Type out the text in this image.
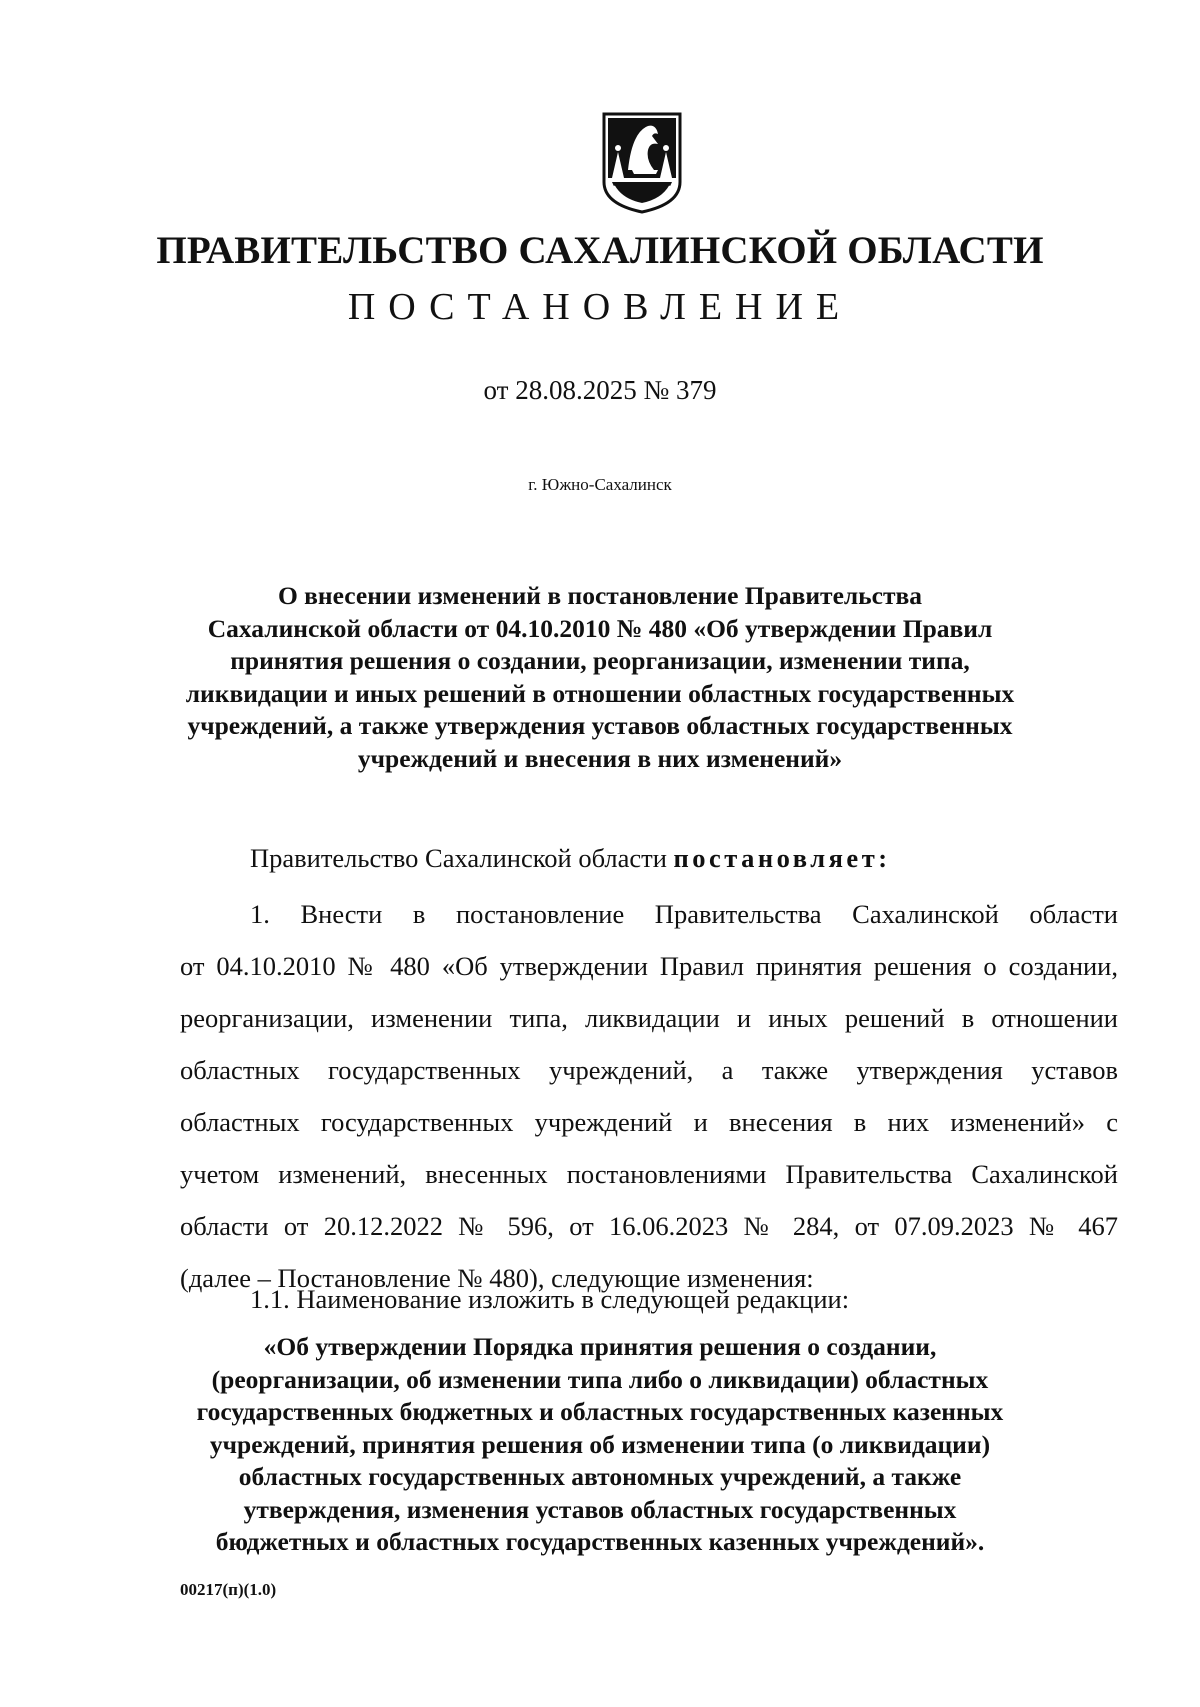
ПРАВИТЕЛЬСТВО САХАЛИНСКОЙ ОБЛАСТИ
ПОСТАНОВЛЕНИЕ
от 28.08.2025 № 379
г. Южно-Сахалинск
О внесении изменений в постановление Правительства
Сахалинской области от 04.10.2010 № 480 «Об утверждении Правил
принятия решения о создании, реорганизации, изменении типа,
ликвидации и иных решений в отношении областных государственных
учреждений, а также утверждения уставов областных государственных
учреждений и внесения в них изменений»
Правительство Сахалинской области постановляет:
1. Внести в постановление Правительства Сахалинской области
от 04.10.2010 № 480 «Об утверждении Правил принятия решения о создании,
реорганизации, изменении типа, ликвидации и иных решений в отношении
областных государственных учреждений, а также утверждения уставов
областных государственных учреждений и внесения в них изменений» с
учетом изменений, внесенных постановлениями Правительства Сахалинской
области от 20.12.2022 № 596, от 16.06.2023 № 284, от 07.09.2023 № 467
(далее – Постановление № 480), следующие изменения:
1.1. Наименование изложить в следующей редакции:
«Об утверждении Порядка принятия решения о создании,
(реорганизации, об изменении типа либо о ликвидации) областных
государственных бюджетных и областных государственных казенных
учреждений, принятия решения об изменении типа (о ликвидации)
областных государственных автономных учреждений, а также
утверждения, изменения уставов областных государственных
бюджетных и областных государственных казенных учреждений».
00217(п)(1.0)
